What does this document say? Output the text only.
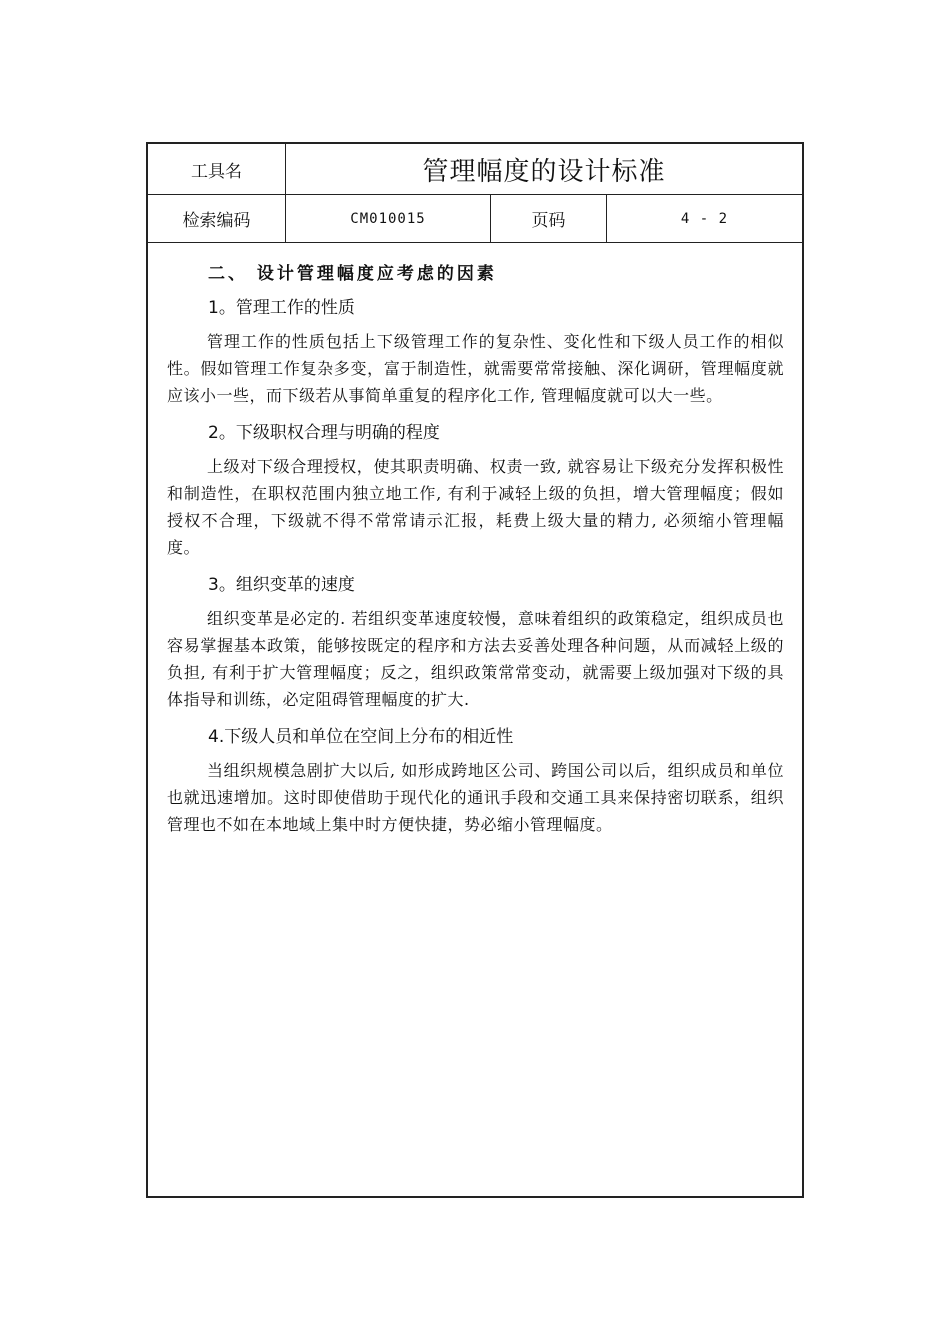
工具名	管理幅度的设计标准
检索编码	CM010015	页码	4 - 2
二、 设计管理幅度应考虑的因素
1。管理工作的性质

管理工作的性质包括上下级管理工作的复杂性、变化性和下级人员工作的相似性。假如管理工作复杂多变，富于制造性，就需要常常接触、深化调研，管理幅度就应该小一些，而下级若从事简单重复的程序化工作, 管理幅度就可以大一些。

2。下级职权合理与明确的程度

上级对下级合理授权，使其职责明确、权责一致, 就容易让下级充分发挥积极性和制造性，在职权范围内独立地工作, 有利于减轻上级的负担，增大管理幅度；假如授权不合理，下级就不得不常常请示汇报，耗费上级大量的精力, 必须缩小管理幅度。

3。组织变革的速度

组织变革是必定的. 若组织变革速度较慢，意味着组织的政策稳定，组织成员也容易掌握基本政策，能够按既定的程序和方法去妥善处理各种问题，从而减轻上级的负担, 有利于扩大管理幅度；反之，组织政策常常变动，就需要上级加强对下级的具体指导和训练，必定阻碍管理幅度的扩大.

4.下级人员和单位在空间上分布的相近性

当组织规模急剧扩大以后, 如形成跨地区公司、跨国公司以后，组织成员和单位也就迅速增加。这时即使借助于现代化的通讯手段和交通工具来保持密切联系，组织管理也不如在本地域上集中时方便快捷，势必缩小管理幅度。
